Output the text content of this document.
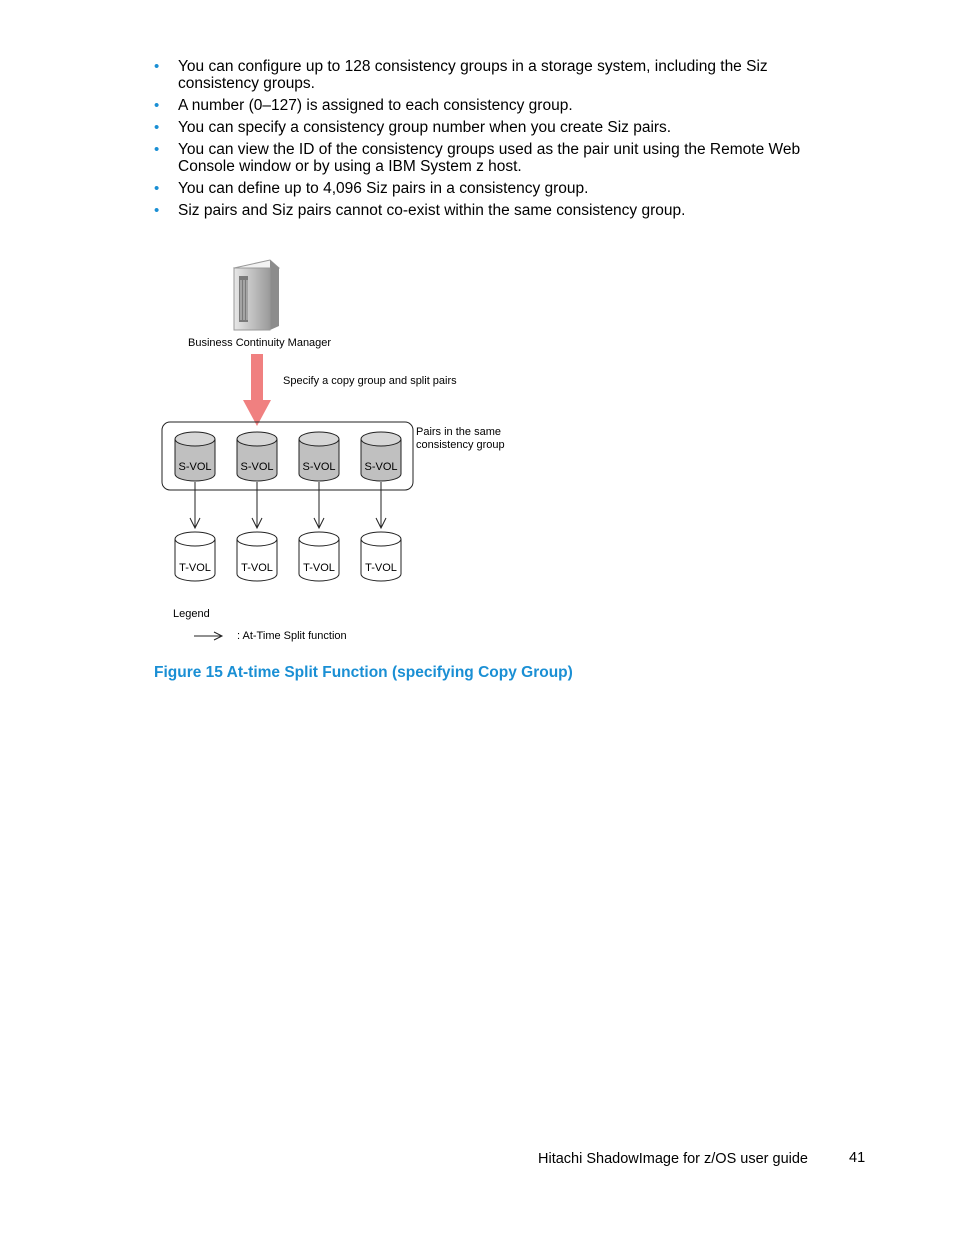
• You can configure up to 128 consistency groups in a storage system, including the Siz consistency groups.
• A number (0–127) is assigned to each consistency group.
• You can specify a consistency group number when you create Siz pairs.
• You can view the ID of the consistency groups used as the pair unit using the Remote Web Console window or by using a IBM System z host.
• You can define up to 4,096 Siz pairs in a consistency group.
• Siz pairs and Siz pairs cannot co-exist within the same consistency group.
Business Continuity Manager
Specify a copy group and split pairs
Pairs in the same
consistency group
S-VOL	S-VOL	S-VOL	S-VOL
T-VOL	T-VOL	T-VOL	T-VOL
Legend
: At-Time Split function

Figure 15 At-time Split Function (specifying Copy Group)

Hitachi ShadowImage for z/OS user guide	41
